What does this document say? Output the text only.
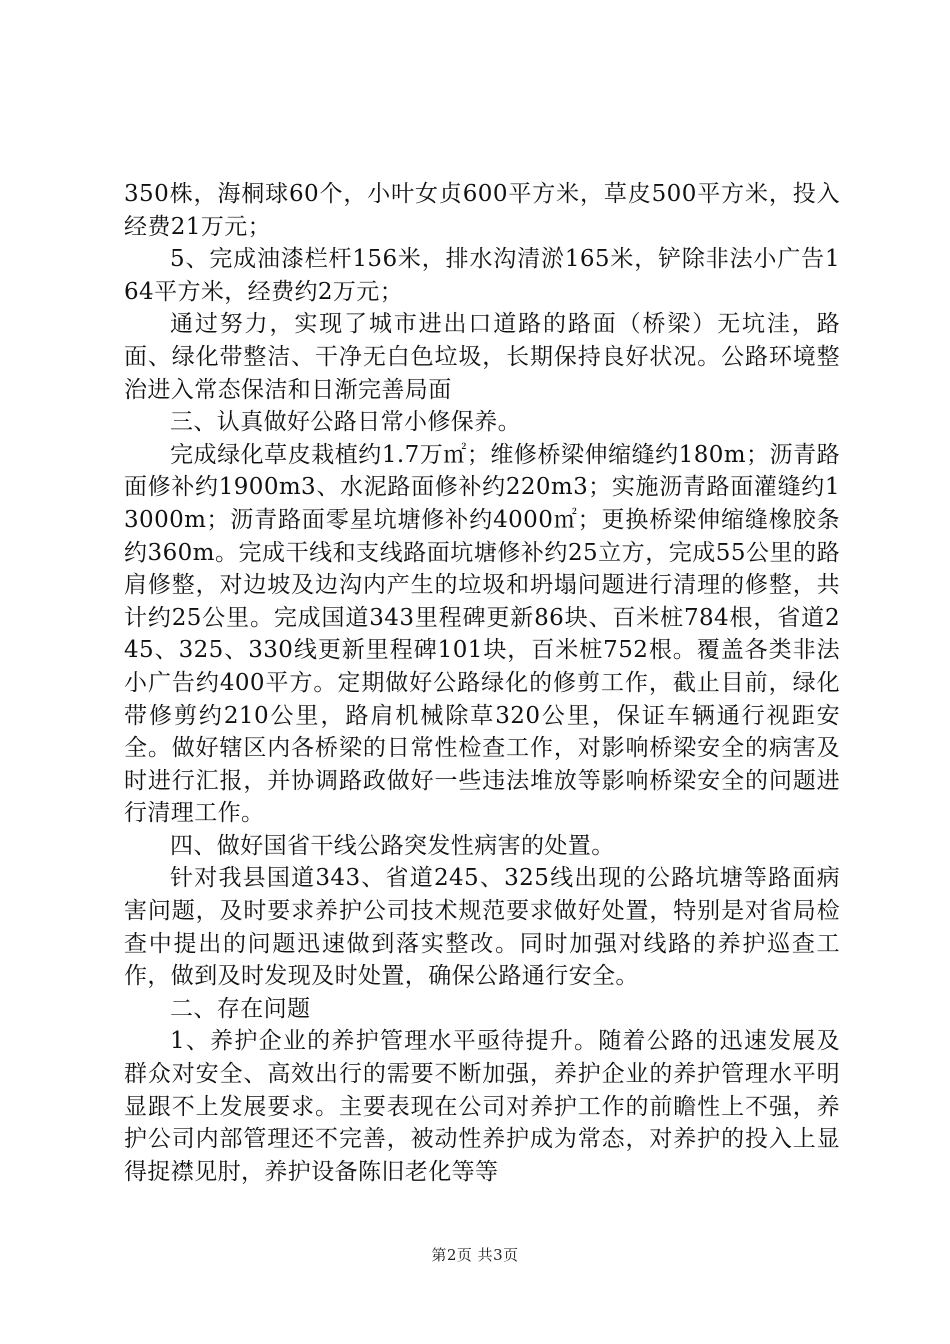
350株，海桐球60个，小叶女贞600平方米，草皮500平方米，投入经费21万元；

5、完成油漆栏杆156米，排水沟清淤165米，铲除非法小广告164平方米，经费约2万元；

通过努力，实现了城市进出口道路的路面（桥梁）无坑洼，路面、绿化带整洁、干净无白色垃圾，长期保持良好状况。公路环境整治进入常态保洁和日渐完善局面

三、认真做好公路日常小修保养。

完成绿化草皮栽植约1.7万㎡；维修桥梁伸缩缝约180m；沥青路面修补约1900m3、水泥路面修补约220m3；实施沥青路面灌缝约13000m；沥青路面零星坑塘修补约4000㎡；更换桥梁伸缩缝橡胶条约360m。完成干线和支线路面坑塘修补约25立方，完成55公里的路肩修整，对边坡及边沟内产生的垃圾和坍塌问题进行清理的修整，共计约25公里。完成国道343里程碑更新86块、百米桩784根，省道245、325、330线更新里程碑101块，百米桩752根。覆盖各类非法小广告约400平方。定期做好公路绿化的修剪工作，截止目前，绿化带修剪约210公里，路肩机械除草320公里，保证车辆通行视距安全。做好辖区内各桥梁的日常性检查工作，对影响桥梁安全的病害及时进行汇报，并协调路政做好一些违法堆放等影响桥梁安全的问题进行清理工作。

四、做好国省干线公路突发性病害的处置。

针对我县国道343、省道245、325线出现的公路坑塘等路面病害问题，及时要求养护公司技术规范要求做好处置，特别是对省局检查中提出的问题迅速做到落实整改。同时加强对线路的养护巡查工作，做到及时发现及时处置，确保公路通行安全。

二、存在问题

1、养护企业的养护管理水平亟待提升。随着公路的迅速发展及群众对安全、高效出行的需要不断加强，养护企业的养护管理水平明显跟不上发展要求。主要表现在公司对养护工作的前瞻性上不强，养护公司内部管理还不完善，被动性养护成为常态，对养护的投入上显得捉襟见肘，养护设备陈旧老化等等

第2页 共3页
